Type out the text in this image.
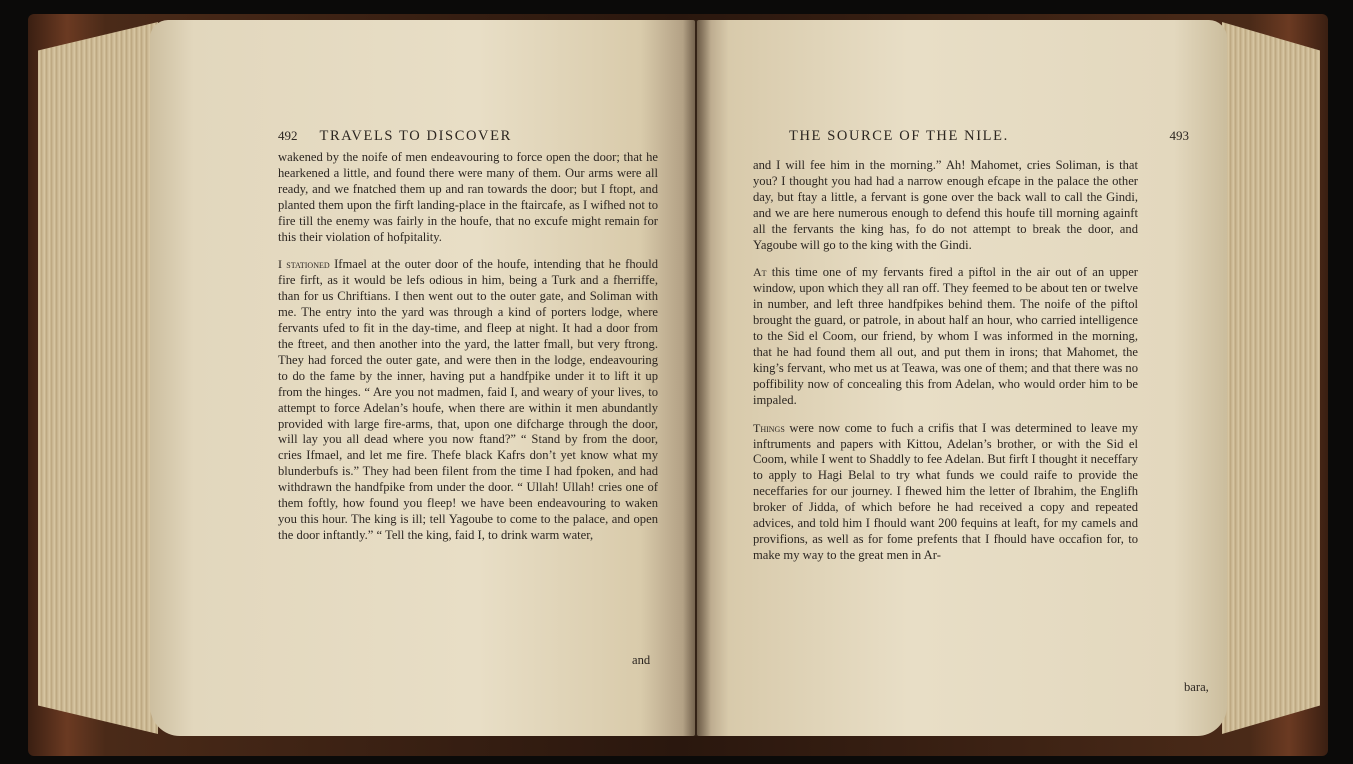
492 TRAVELS TO DISCOVER

wakened by the noife of men endeavouring to force open the door; that he hearkened a little, and found there were many of them. Our arms were all ready, and we fnatched them up and ran towards the door; but I ftopt, and planted them upon the firft landing-place in the ftaircafe, as I wifhed not to fire till the enemy was fairly in the houfe, that no excufe might remain for this their violation of hofpitality.

I stationed Ifmael at the outer door of the houfe, intending that he fhould fire firft, as it would be lefs odious in him, being a Turk and a fherriffe, than for us Chriftians. I then went out to the outer gate, and Soliman with me. The entry into the yard was through a kind of porters lodge, where fervants ufed to fit in the day-time, and fleep at night. It had a door from the ftreet, and then another into the yard, the latter fmall, but very ftrong. They had forced the outer gate, and were then in the lodge, endeavouring to do the fame by the inner, having put a handfpike under it to lift it up from the hinges. “ Are you not madmen, faid I, and weary of your lives, to attempt to force Adelan’s houfe, when there are within it men abundantly provided with large fire-arms, that, upon one difcharge through the door, will lay you all dead where you now ftand?” “ Stand by from the door, cries Ifmael, and let me fire. Thefe black Kafrs don’t yet know what my blunderbufs is.” They had been filent from the time I had fpoken, and had withdrawn the handfpike from under the door. “ Ullah! Ullah! cries one of them foftly, how found you fleep! we have been endeavouring to waken you this hour. The king is ill; tell Yagoube to come to the palace, and open the door inftantly.” “ Tell the king, faid I, to drink warm water,

and
THE SOURCE OF THE NILE.	493

and I will fee him in the morning.” Ah! Mahomet, cries Soliman, is that you? I thought you had had a narrow enough efcape in the palace the other day, but ftay a little, a fervant is gone over the back wall to call the Gindi, and we are here numerous enough to defend this houfe till morning againft all the fervants the king has, fo do not attempt to break the door, and Yagoube will go to the king with the Gindi.

At this time one of my fervants fired a piftol in the air out of an upper window, upon which they all ran off. They feemed to be about ten or twelve in number, and left three handfpikes behind them. The noife of the piftol brought the guard, or patrole, in about half an hour, who carried intelligence to the Sid el Coom, our friend, by whom I was informed in the morning, that he had found them all out, and put them in irons; that Mahomet, the king’s fervant, who met us at Teawa, was one of them; and that there was no poffibility now of concealing this from Adelan, who would order him to be impaled.

Things were now come to fuch a crifis that I was determined to leave my inftruments and papers with Kittou, Adelan’s brother, or with the Sid el Coom, while I went to Shaddly to fee Adelan. But firft I thought it neceffary to apply to Hagi Belal to try what funds we could raife to provide the neceffaries for our journey. I fhewed him the letter of Ibrahim, the Englifh broker of Jidda, of which before he had received a copy and repeated advices, and told him I fhould want 200 fequins at leaft, for my camels and provifions, as well as for fome prefents that I fhould have occafion for, to make my way to the great men in Ar-

bara,
